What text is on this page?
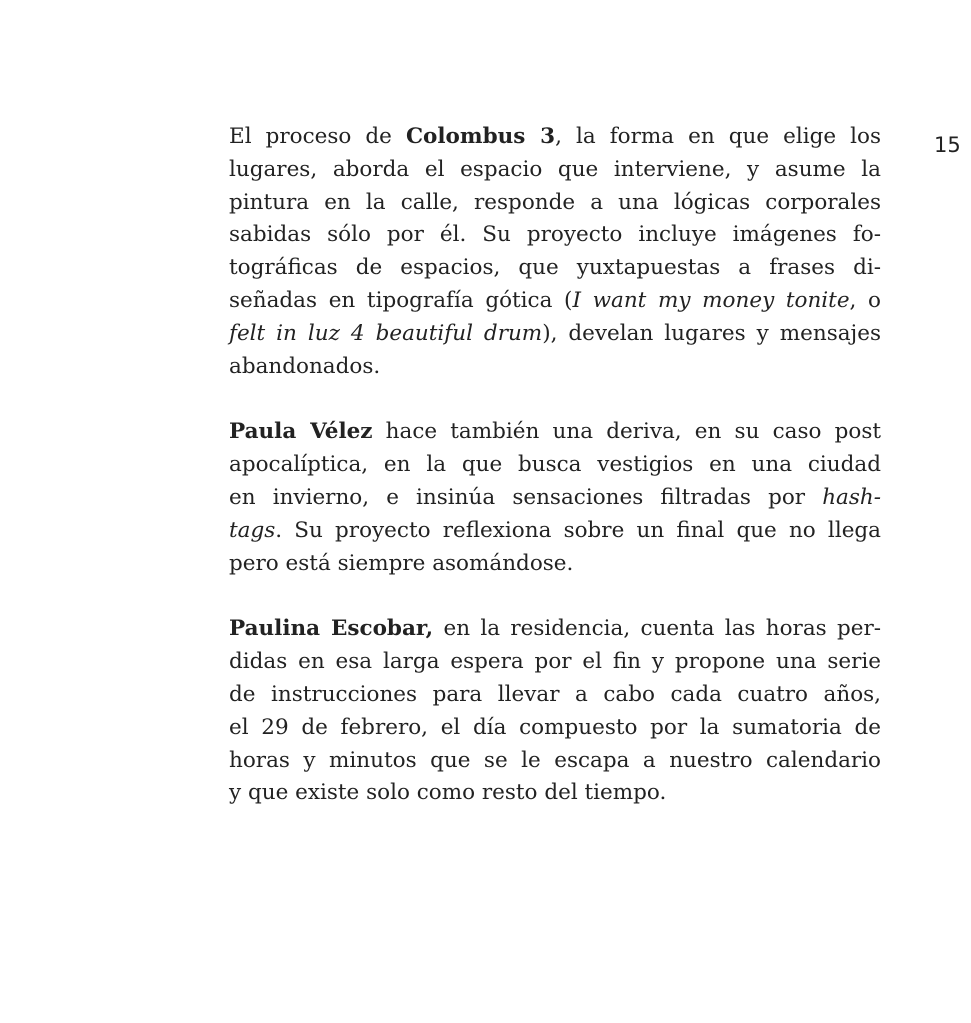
15

El proceso de Colombus 3, la forma en que elige los
lugares, aborda el espacio que interviene, y asume la
pintura en la calle, responde a una lógicas corporales
sabidas sólo por él. Su proyecto incluye imágenes fo-
tográficas de espacios, que yuxtapuestas a frases di-
señadas en tipografía gótica (I want my money tonite, o
felt in luz 4 beautiful drum), develan lugares y mensajes
abandonados.

Paula Vélez hace también una deriva, en su caso post
apocalíptica, en la que busca vestigios en una ciudad
en invierno, e insinúa sensaciones filtradas por hash-
tags. Su proyecto reflexiona sobre un final que no llega
pero está siempre asomándose.

Paulina Escobar, en la residencia, cuenta las horas per-
didas en esa larga espera por el fin y propone una serie
de instrucciones para llevar a cabo cada cuatro años,
el 29 de febrero, el día compuesto por la sumatoria de
horas y minutos que se le escapa a nuestro calendario
y que existe solo como resto del tiempo.
